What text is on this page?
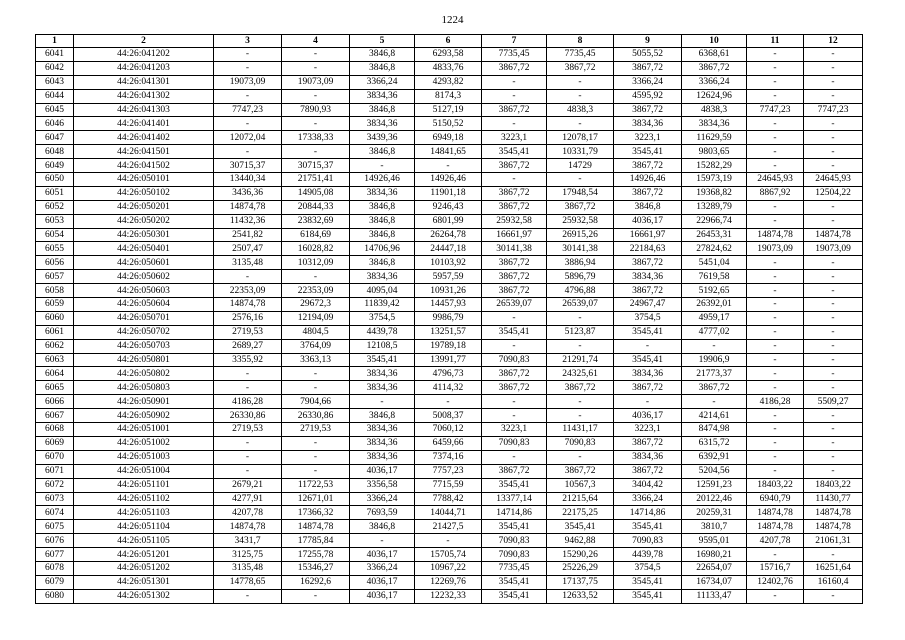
1224
1	2	3	4	5	6	7	8	9	10	11	12
6041	44:26:041202	-	-	3846,8	6293,58	7735,45	7735,45	5055,52	6368,61	-	-
6042	44:26:041203	-	-	3846,8	4833,76	3867,72	3867,72	3867,72	3867,72	-	-
6043	44:26:041301	19073,09	19073,09	3366,24	4293,82	-	-	3366,24	3366,24	-	-
6044	44:26:041302	-	-	3834,36	8174,3	-	-	4595,92	12624,96	-	-
6045	44:26:041303	7747,23	7890,93	3846,8	5127,19	3867,72	4838,3	3867,72	4838,3	7747,23	7747,23
6046	44:26:041401	-	-	3834,36	5150,52	-	-	3834,36	3834,36	-	-
6047	44:26:041402	12072,04	17338,33	3439,36	6949,18	3223,1	12078,17	3223,1	11629,59	-	-
6048	44:26:041501	-	-	3846,8	14841,65	3545,41	10331,79	3545,41	9803,65	-	-
6049	44:26:041502	30715,37	30715,37	-	-	3867,72	14729	3867,72	15282,29	-	-
6050	44:26:050101	13440,34	21751,41	14926,46	14926,46	-	-	14926,46	15973,19	24645,93	24645,93
6051	44:26:050102	3436,36	14905,08	3834,36	11901,18	3867,72	17948,54	3867,72	19368,82	8867,92	12504,22
6052	44:26:050201	14874,78	20844,33	3846,8	9246,43	3867,72	3867,72	3846,8	13289,79	-	-
6053	44:26:050202	11432,36	23832,69	3846,8	6801,99	25932,58	25932,58	4036,17	22966,74	-	-
6054	44:26:050301	2541,82	6184,69	3846,8	26264,78	16661,97	26915,26	16661,97	26453,31	14874,78	14874,78
6055	44:26:050401	2507,47	16028,82	14706,96	24447,18	30141,38	30141,38	22184,63	27824,62	19073,09	19073,09
6056	44:26:050601	3135,48	10312,09	3846,8	10103,92	3867,72	3886,94	3867,72	5451,04	-	-
6057	44:26:050602	-	-	3834,36	5957,59	3867,72	5896,79	3834,36	7619,58	-	-
6058	44:26:050603	22353,09	22353,09	4095,04	10931,26	3867,72	4796,88	3867,72	5192,65	-	-
6059	44:26:050604	14874,78	29672,3	11839,42	14457,93	26539,07	26539,07	24967,47	26392,01	-	-
6060	44:26:050701	2576,16	12194,09	3754,5	9986,79	-	-	3754,5	4959,17	-	-
6061	44:26:050702	2719,53	4804,5	4439,78	13251,57	3545,41	5123,87	3545,41	4777,02	-	-
6062	44:26:050703	2689,27	3764,09	12108,5	19789,18	-	-	-	-	-	-
6063	44:26:050801	3355,92	3363,13	3545,41	13991,77	7090,83	21291,74	3545,41	19906,9	-	-
6064	44:26:050802	-	-	3834,36	4796,73	3867,72	24325,61	3834,36	21773,37	-	-
6065	44:26:050803	-	-	3834,36	4114,32	3867,72	3867,72	3867,72	3867,72	-	-
6066	44:26:050901	4186,28	7904,66	-	-	-	-	-	-	4186,28	5509,27
6067	44:26:050902	26330,86	26330,86	3846,8	5008,37	-	-	4036,17	4214,61	-	-
6068	44:26:051001	2719,53	2719,53	3834,36	7060,12	3223,1	11431,17	3223,1	8474,98	-	-
6069	44:26:051002	-	-	3834,36	6459,66	7090,83	7090,83	3867,72	6315,72	-	-
6070	44:26:051003	-	-	3834,36	7374,16	-	-	3834,36	6392,91	-	-
6071	44:26:051004	-	-	4036,17	7757,23	3867,72	3867,72	3867,72	5204,56	-	-
6072	44:26:051101	2679,21	11722,53	3356,58	7715,59	3545,41	10567,3	3404,42	12591,23	18403,22	18403,22
6073	44:26:051102	4277,91	12671,01	3366,24	7788,42	13377,14	21215,64	3366,24	20122,46	6940,79	11430,77
6074	44:26:051103	4207,78	17366,32	7693,59	14044,71	14714,86	22175,25	14714,86	20259,31	14874,78	14874,78
6075	44:26:051104	14874,78	14874,78	3846,8	21427,5	3545,41	3545,41	3545,41	3810,7	14874,78	14874,78
6076	44:26:051105	3431,7	17785,84	-	-	7090,83	9462,88	7090,83	9595,01	4207,78	21061,31
6077	44:26:051201	3125,75	17255,78	4036,17	15705,74	7090,83	15290,26	4439,78	16980,21	-	-
6078	44:26:051202	3135,48	15346,27	3366,24	10967,22	7735,45	25226,29	3754,5	22654,07	15716,7	16251,64
6079	44:26:051301	14778,65	16292,6	4036,17	12269,76	3545,41	17137,75	3545,41	16734,07	12402,76	16160,4
6080	44:26:051302	-	-	4036,17	12232,33	3545,41	12633,52	3545,41	11133,47	-	-
